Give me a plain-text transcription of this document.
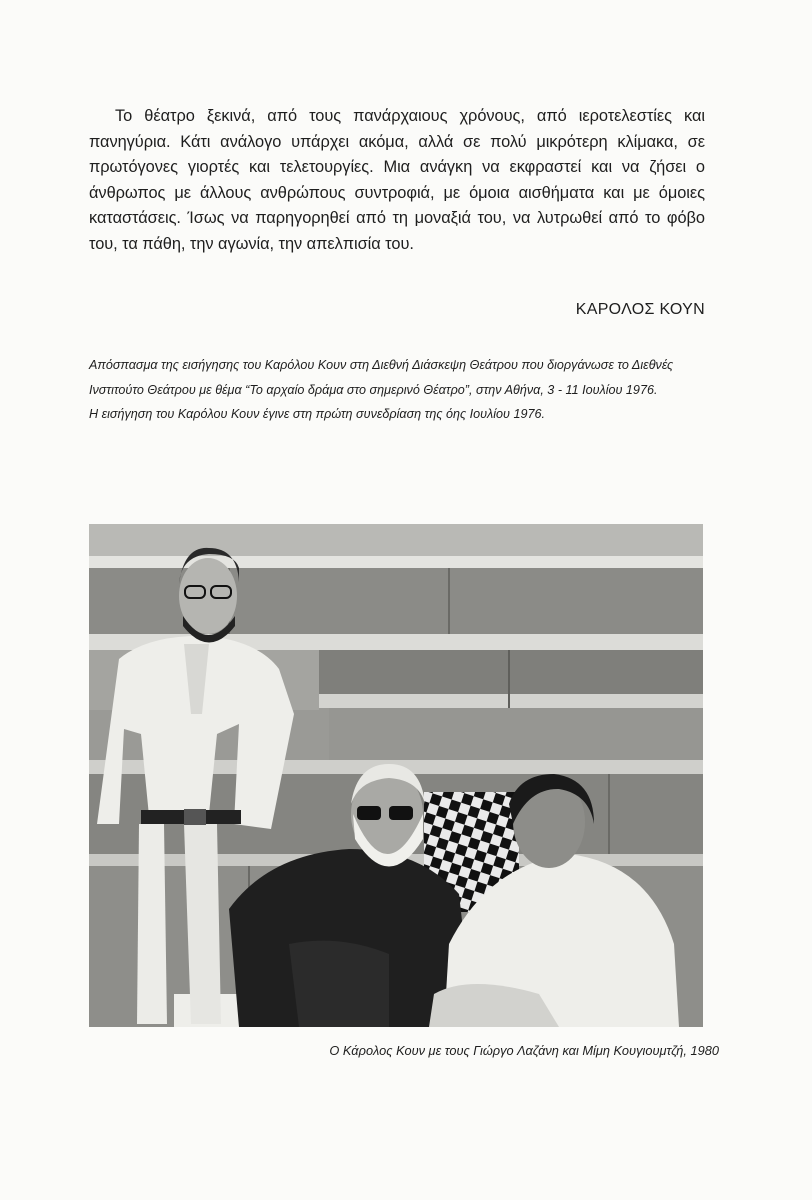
Το θέατρο ξεκινά, από τους πανάρχαιους χρόνους, από ιεροτελεστίες και πανηγύρια. Κάτι ανάλογο υπάρχει ακόμα, αλλά σε πολύ μικρότερη κλίμακα, σε πρωτόγονες γιορτές και τελετουργίες. Μια ανάγκη να εκφραστεί και να ζήσει ο άνθρωπος με άλλους ανθρώπους συντροφιά, με όμοια αισθήματα και με όμοιες καταστάσεις. Ίσως να παρηγορηθεί από τη μοναξιά του, να λυτρωθεί από το φόβο του, τα πάθη, την αγωνία, την απελπισία του.

ΚΑΡΟΛΟΣ ΚΟΥΝ

Απόσπασμα της εισήγησης του Καρόλου Κουν στη Διεθνή Διάσκεψη Θεάτρου που διοργάνωσε το Διεθνές
Ινστιτούτο Θεάτρου με θέμα “Το αρχαίο δράμα στο σημερινό Θέατρο”, στην Αθήνα, 3 - 11 Ιουλίου 1976.
Η εισήγηση του Καρόλου Κουν έγινε στη πρώτη συνεδρίαση της όης Ιουλίου 1976.

Ο Κάρολος Κουν με τους Γιώργο Λαζάνη και Μίμη Κουγιουμτζή, 1980
